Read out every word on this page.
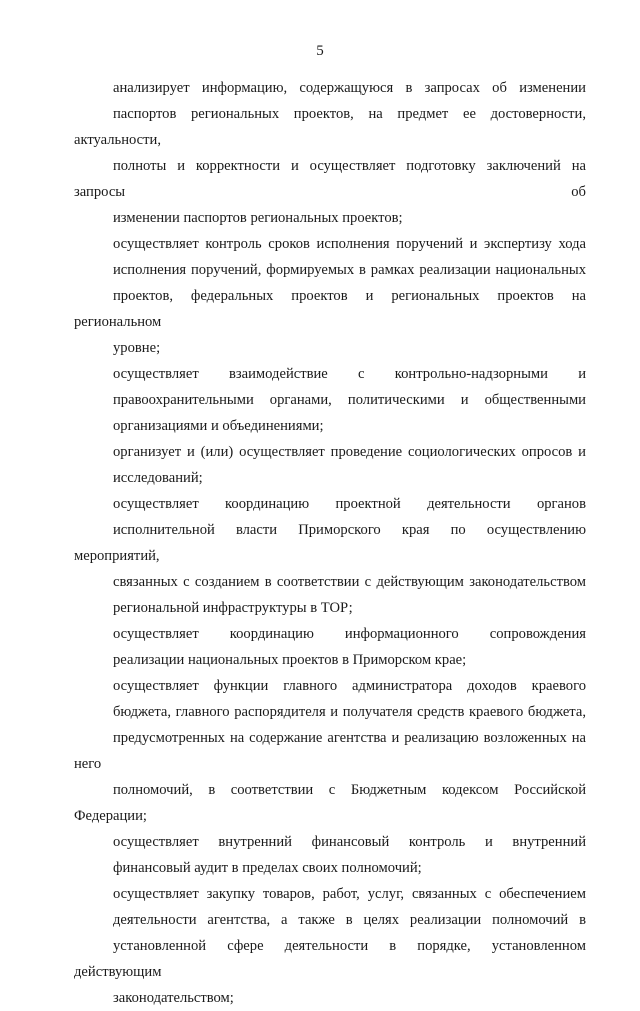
5
анализирует информацию, содержащуюся в запросах об изменении
паспортов региональных проектов, на предмет ее достоверности, актуальности,
полноты и корректности и осуществляет подготовку заключений на запросы об
изменении паспортов региональных проектов;
осуществляет контроль сроков исполнения поручений и экспертизу хода
исполнения поручений, формируемых в рамках реализации национальных
проектов, федеральных проектов и региональных проектов на региональном
уровне;
осуществляет взаимодействие с контрольно-надзорными и
правоохранительными органами, политическими и общественными
организациями и объединениями;
организует и (или) осуществляет проведение социологических опросов и
исследований;
осуществляет координацию проектной деятельности органов
исполнительной власти Приморского края по осуществлению мероприятий,
связанных с созданием в соответствии с действующим законодательством
региональной инфраструктуры в ТОР;
осуществляет координацию информационного сопровождения
реализации национальных проектов в Приморском крае;
осуществляет функции главного администратора доходов краевого
бюджета, главного распорядителя и получателя средств краевого бюджета,
предусмотренных на содержание агентства и реализацию возложенных на него
полномочий, в соответствии с Бюджетным кодексом Российской Федерации;
осуществляет внутренний финансовый контроль и внутренний
финансовый аудит в пределах своих полномочий;
осуществляет закупку товаров, работ, услуг, связанных с обеспечением
деятельности агентства, а также в целях реализации полномочий в
установленной сфере деятельности в порядке, установленном действующим
законодательством;
